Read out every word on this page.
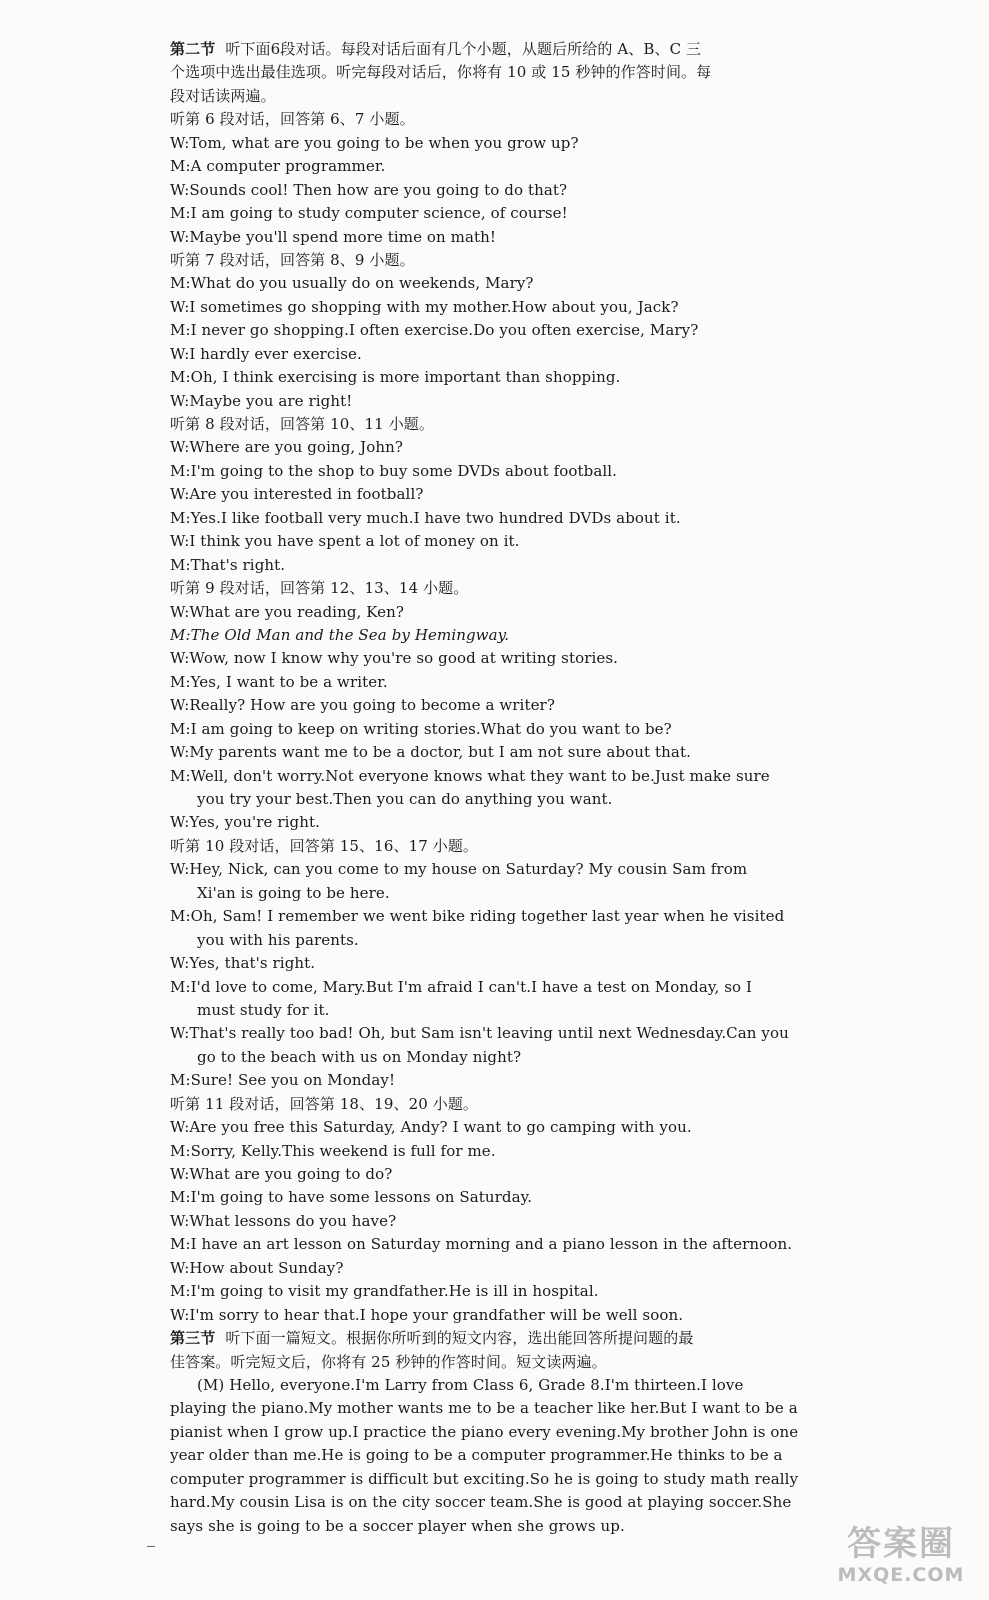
第二节 听下面6段对话。每段对话后面有几个小题，从题后所给的 A、B、C 三
个选项中选出最佳选项。听完每段对话后，你将有 10 或 15 秒钟的作答时间。每
段对话读两遍。
听第 6 段对话，回答第 6、7 小题。
W:Tom, what are you going to be when you grow up?
M:A computer programmer.
W:Sounds cool! Then how are you going to do that?
M:I am going to study computer science, of course!
W:Maybe you'll spend more time on math!
听第 7 段对话，回答第 8、9 小题。
M:What do you usually do on weekends, Mary?
W:I sometimes go shopping with my mother.How about you, Jack?
M:I never go shopping.I often exercise.Do you often exercise, Mary?
W:I hardly ever exercise.
M:Oh, I think exercising is more important than shopping.
W:Maybe you are right!
听第 8 段对话，回答第 10、11 小题。
W:Where are you going, John?
M:I'm going to the shop to buy some DVDs about football.
W:Are you interested in football?
M:Yes.I like football very much.I have two hundred DVDs about it.
W:I think you have spent a lot of money on it.
M:That's right.
听第 9 段对话，回答第 12、13、14 小题。
W:What are you reading, Ken?
M:The Old Man and the Sea by Hemingway.
W:Wow, now I know why you're so good at writing stories.
M:Yes, I want to be a writer.
W:Really? How are you going to become a writer?
M:I am going to keep on writing stories.What do you want to be?
W:My parents want me to be a doctor, but I am not sure about that.
M:Well, don't worry.Not everyone knows what they want to be.Just make sure
you try your best.Then you can do anything you want.
W:Yes, you're right.
听第 10 段对话，回答第 15、16、17 小题。
W:Hey, Nick, can you come to my house on Saturday? My cousin Sam from
Xi'an is going to be here.
M:Oh, Sam! I remember we went bike riding together last year when he visited
you with his parents.
W:Yes, that's right.
M:I'd love to come, Mary.But I'm afraid I can't.I have a test on Monday, so I
must study for it.
W:That's really too bad! Oh, but Sam isn't leaving until next Wednesday.Can you
go to the beach with us on Monday night?
M:Sure! See you on Monday!
听第 11 段对话，回答第 18、19、20 小题。
W:Are you free this Saturday, Andy? I want to go camping with you.
M:Sorry, Kelly.This weekend is full for me.
W:What are you going to do?
M:I'm going to have some lessons on Saturday.
W:What lessons do you have?
M:I have an art lesson on Saturday morning and a piano lesson in the afternoon.
W:How about Sunday?
M:I'm going to visit my grandfather.He is ill in hospital.
W:I'm sorry to hear that.I hope your grandfather will be well soon.
第三节 听下面一篇短文。根据你所听到的短文内容，选出能回答所提问题的最
佳答案。听完短文后，你将有 25 秒钟的作答时间。短文读两遍。
(M) Hello, everyone.I'm Larry from Class 6, Grade 8.I'm thirteen.I love
playing the piano.My mother wants me to be a teacher like her.But I want to be a
pianist when I grow up.I practice the piano every evening.My brother John is one
year older than me.He is going to be a computer programmer.He thinks to be a
computer programmer is difficult but exciting.So he is going to study math really
hard.My cousin Lisa is on the city soccer team.She is good at playing soccer.She
says she is going to be a soccer player when she grows up.	答案圈
MXQE.COM
